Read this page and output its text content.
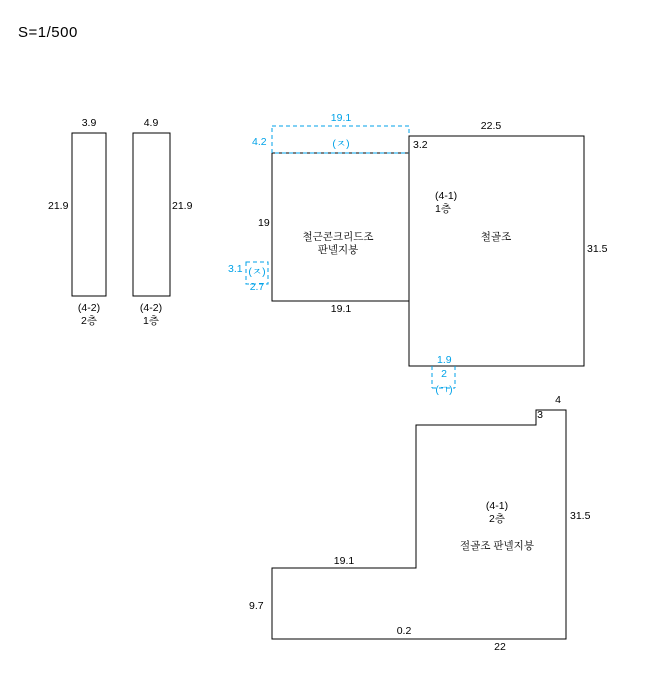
S=1/500
3.9
21.9
(4-2)
2층
4.9
21.9
(4-2)
1층
19.1
(ㅈ)
4.2
19
19.1
3.1 (ㅈ)
2.7
철근콘크리드조
판넬지붕
22.5
3.2
31.5
(4-1)
1층
철골조
1.9
2
(ㄱ)
4
3
31.5
19.1
9.7
0.2
22
(4-1)
2층
절골조 판넬지붕
